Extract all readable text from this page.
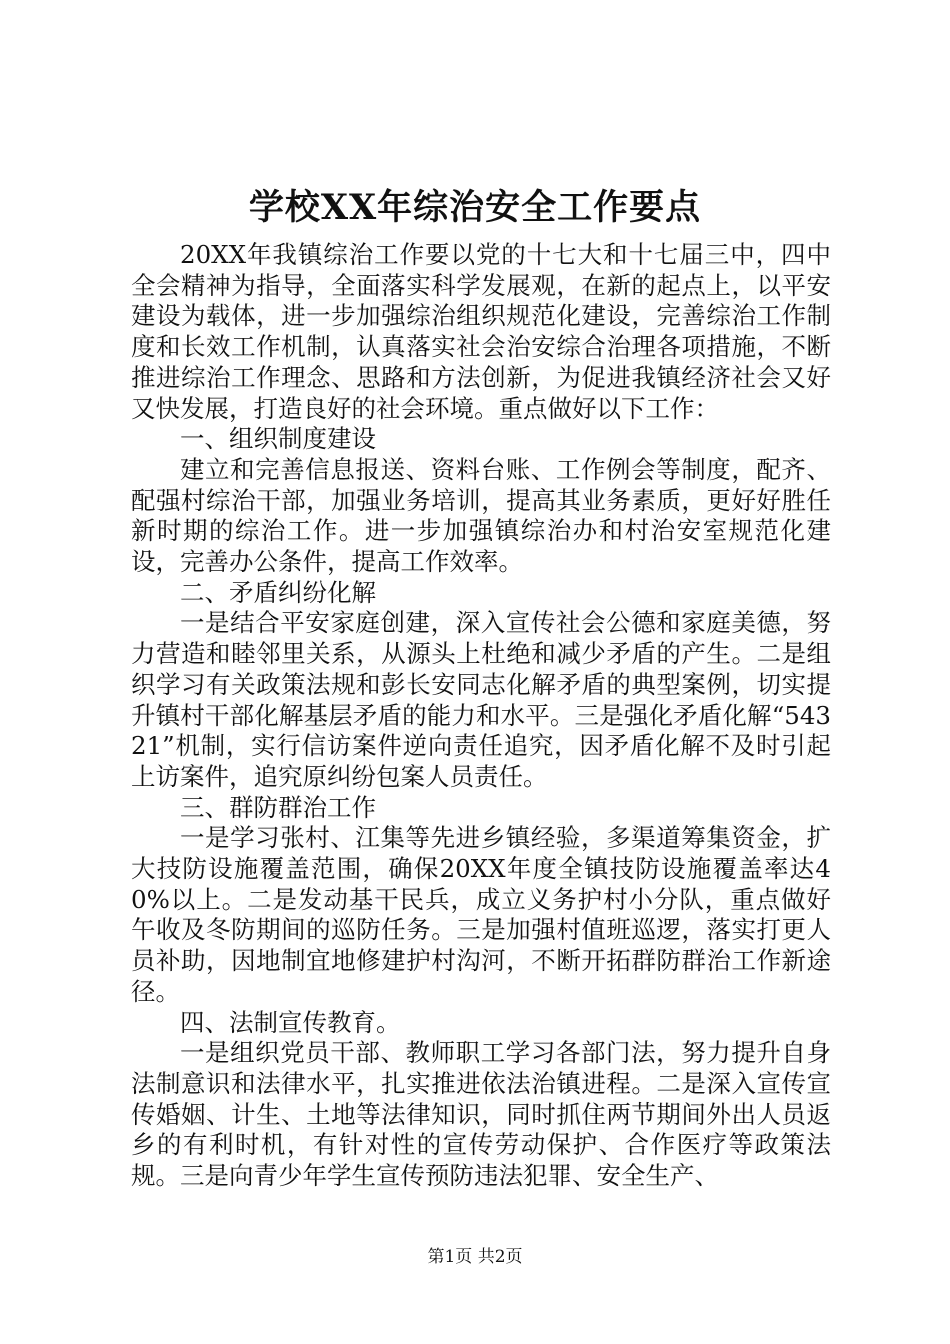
学校XX年综治安全工作要点

20XX年我镇综治工作要以党的十七大和十七届三中，四中全会精神为指导，全面落实科学发展观，在新的起点上，以平安建设为载体，进一步加强综治组织规范化建设，完善综治工作制度和长效工作机制，认真落实社会治安综合治理各项措施，不断推进综治工作理念、思路和方法创新，为促进我镇经济社会又好又快发展，打造良好的社会环境。重点做好以下工作：

一、组织制度建设

建立和完善信息报送、资料台账、工作例会等制度，配齐、配强村综治干部，加强业务培训，提高其业务素质，更好好胜任新时期的综治工作。进一步加强镇综治办和村治安室规范化建设，完善办公条件，提高工作效率。

二、矛盾纠纷化解

一是结合平安家庭创建，深入宣传社会公德和家庭美德，努力营造和睦邻里关系，从源头上杜绝和减少矛盾的产生。二是组织学习有关政策法规和彭长安同志化解矛盾的典型案例，切实提升镇村干部化解基层矛盾的能力和水平。三是强化矛盾化解“54321”机制，实行信访案件逆向责任追究，因矛盾化解不及时引起上访案件，追究原纠纷包案人员责任。

三、群防群治工作

一是学习张村、江集等先进乡镇经验，多渠道筹集资金，扩大技防设施覆盖范围，确保20XX年度全镇技防设施覆盖率达40%以上。二是发动基干民兵，成立义务护村小分队，重点做好午收及冬防期间的巡防任务。三是加强村值班巡逻，落实打更人员补助，因地制宜地修建护村沟河，不断开拓群防群治工作新途径。

四、法制宣传教育。

一是组织党员干部、教师职工学习各部门法，努力提升自身法制意识和法律水平，扎实推进依法治镇进程。二是深入宣传宣传婚姻、计生、土地等法律知识，同时抓住两节期间外出人员返乡的有利时机，有针对性的宣传劳动保护、合作医疗等政策法规。三是向青少年学生宣传预防违法犯罪、安全生产、

第1页 共2页
